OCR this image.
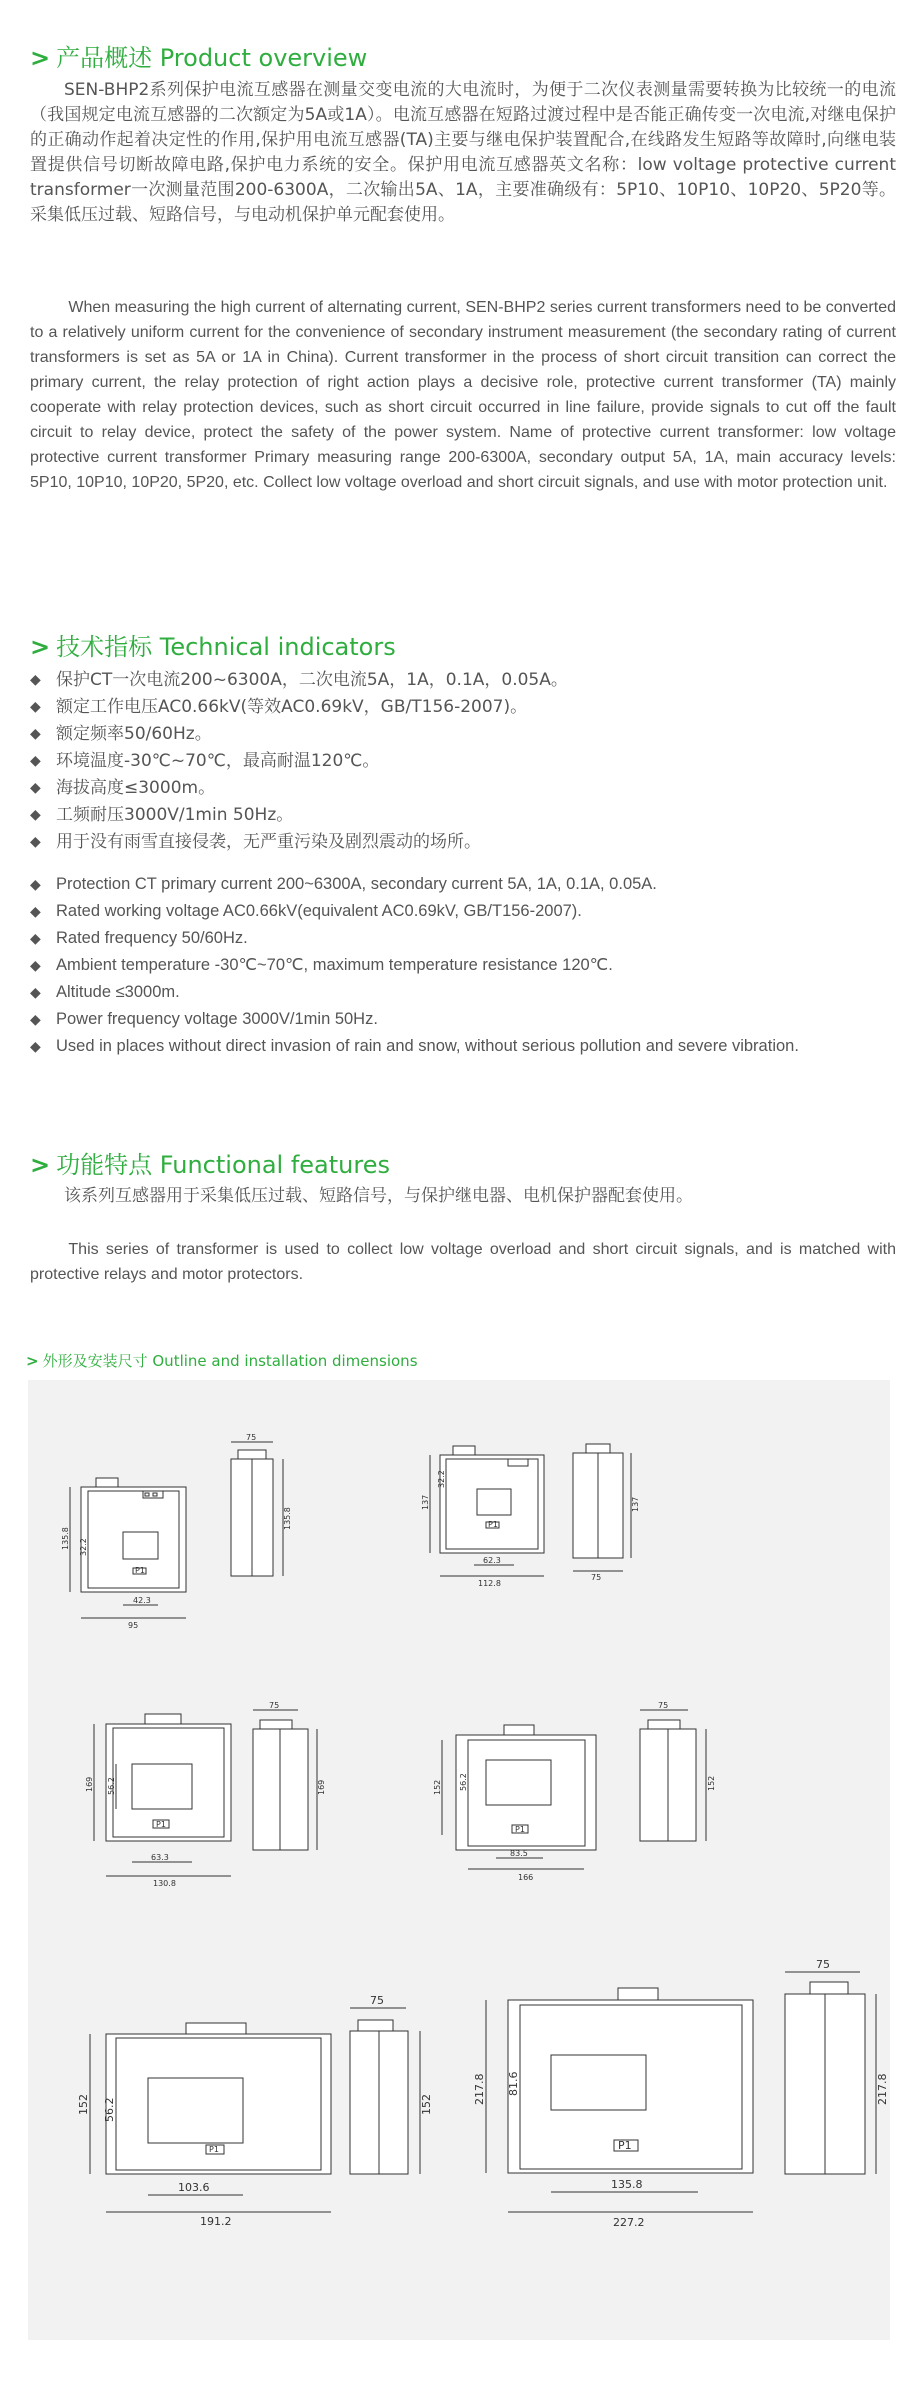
> 产品概述 Product overview

SEN-BHP2系列保护电流互感器在测量交变电流的大电流时，为便于二次仪表测量需要转换为比较统一的电流（我国规定电流互感器的二次额定为5A或1A）。电流互感器在短路过渡过程中是否能正确传变一次电流,对继电保护的正确动作起着决定性的作用,保护用电流互感器(TA)主要与继电保护装置配合,在线路发生短路等故障时,向继电装置提供信号切断故障电路,保护电力系统的安全。保护用电流互感器英文名称：low voltage protective current transformer一次测量范围200-6300A，二次输出5A、1A，主要准确级有：5P10、10P10、10P20、5P20等。采集低压过载、短路信号，与电动机保护单元配套使用。

When measuring the high current of alternating current, SEN-BHP2 series current transformers need to be converted to a relatively uniform current for the convenience of secondary instrument measurement (the secondary rating of current transformers is set as 5A or 1A in China). Current transformer in the process of short circuit transition can correct the primary current, the relay protection of right action plays a decisive role, protective current transformer (TA) mainly cooperate with relay protection devices, such as short circuit occurred in line failure, provide signals to cut off the fault circuit to relay device, protect the safety of the power system. Name of protective current transformer: low voltage protective current transformer Primary measuring range 200-6300A, secondary output 5A, 1A, main accuracy levels: 5P10, 10P10, 10P20, 5P20, etc. Collect low voltage overload and short circuit signals, and use with motor protection unit.

> 技术指标 Technical indicators
◆ 保护CT一次电流200~6300A，二次电流5A，1A，0.1A，0.05A。
◆ 额定工作电压AC0.66kV(等效AC0.69kV，GB/T156-2007)。
◆ 额定频率50/60Hz。
◆ 环境温度-30℃~70℃，最高耐温120℃。
◆ 海拔高度≤3000m。
◆ 工频耐压3000V/1min 50Hz。
◆ 用于没有雨雪直接侵袭，无严重污染及剧烈震动的场所。
◆ Protection CT primary current 200~6300A, secondary current 5A, 1A, 0.1A, 0.05A.
◆ Rated working voltage AC0.66kV(equivalent AC0.69kV, GB/T156-2007).
◆ Rated frequency 50/60Hz.
◆ Ambient temperature -30℃~70℃, maximum temperature resistance 120℃.
◆ Altitude ≤3000m.
◆ Power frequency voltage 3000V/1min 50Hz.
◆ Used in places without direct invasion of rain and snow, without serious pollution and severe vibration.
> 功能特点 Functional features

该系列互感器用于采集低压过载、短路信号，与保护继电器、电机保护器配套使用。

This series of transformer is used to collect low voltage overload and short circuit signals, and is matched with protective relays and motor protectors.

> 外形及安装尺寸 Outline and installation dimensions
P1
P1
P1
P1
P1	P1
75
135.8 32.2
42.3
95
135.8
137
32.2
62.3
112.8
137
75
169 56.2
63.3
130.8
75
169	152 56.2
83.5
166
75
152
152 56.2
103.6
191.2
75
152	217.8 81.6
135.8
227.2
75
217.8
